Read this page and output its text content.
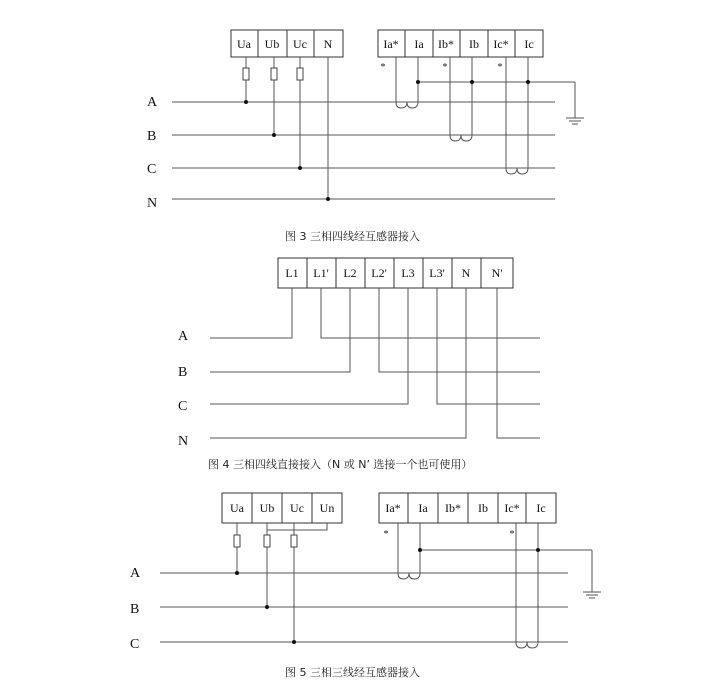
Ua Ub Uc N	Ia* Ia Ib* Ib Ic* Ic
*	*	*
A
B
C
N
图 3 三相四线经互感器接入
L1 L1' L2 L2' L3 L3' N N'
A
B
C
N
图 4 三相四线直接接入（N 或 N’ 选接一个也可使用）
Ua Ub Uc Un	Ia* Ia Ib* Ib Ic* Ic
*	*
A
B
C
图 5 三相三线经互感器接入
